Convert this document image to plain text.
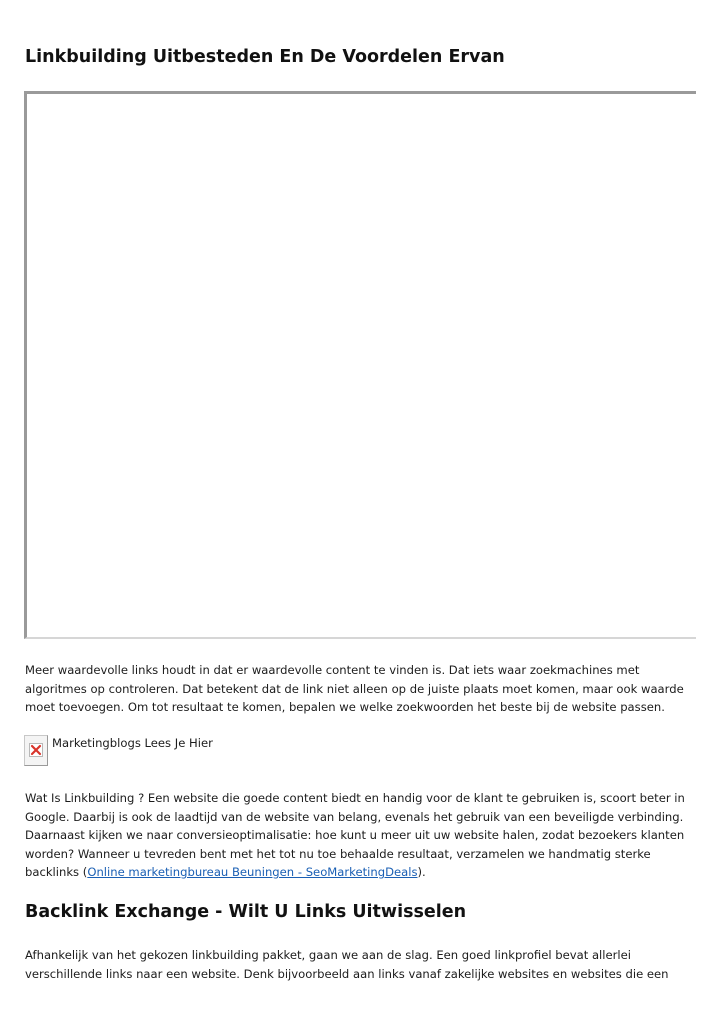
Linkbuilding Uitbesteden En De Voordelen Ervan

Meer waardevolle links houdt in dat er waardevolle content te vinden is. Dat iets waar zoekmachines met algoritmes op controleren. Dat betekent dat de link niet alleen op de juiste plaats moet komen, maar ook waarde moet toevoegen. Om tot resultaat te komen, bepalen we welke zoekwoorden het beste bij de website passen.

Marketingblogs Lees Je Hier

Wat Is Linkbuilding ? Een website die goede content biedt en handig voor de klant te gebruiken is, scoort beter in Google. Daarbij is ook de laadtijd van de website van belang, evenals het gebruik van een beveiligde verbinding. Daarnaast kijken we naar conversieoptimalisatie: hoe kunt u meer uit uw website halen, zodat bezoekers klanten worden? Wanneer u tevreden bent met het tot nu toe behaalde resultaat, verzamelen we handmatig sterke backlinks (Online marketingbureau Beuningen - SeoMarketingDeals).

Backlink Exchange - Wilt U Links Uitwisselen

Afhankelijk van het gekozen linkbuilding pakket, gaan we aan de slag. Een goed linkprofiel bevat allerlei verschillende links naar een website. Denk bijvoorbeeld aan links vanaf zakelijke websites en websites die een
